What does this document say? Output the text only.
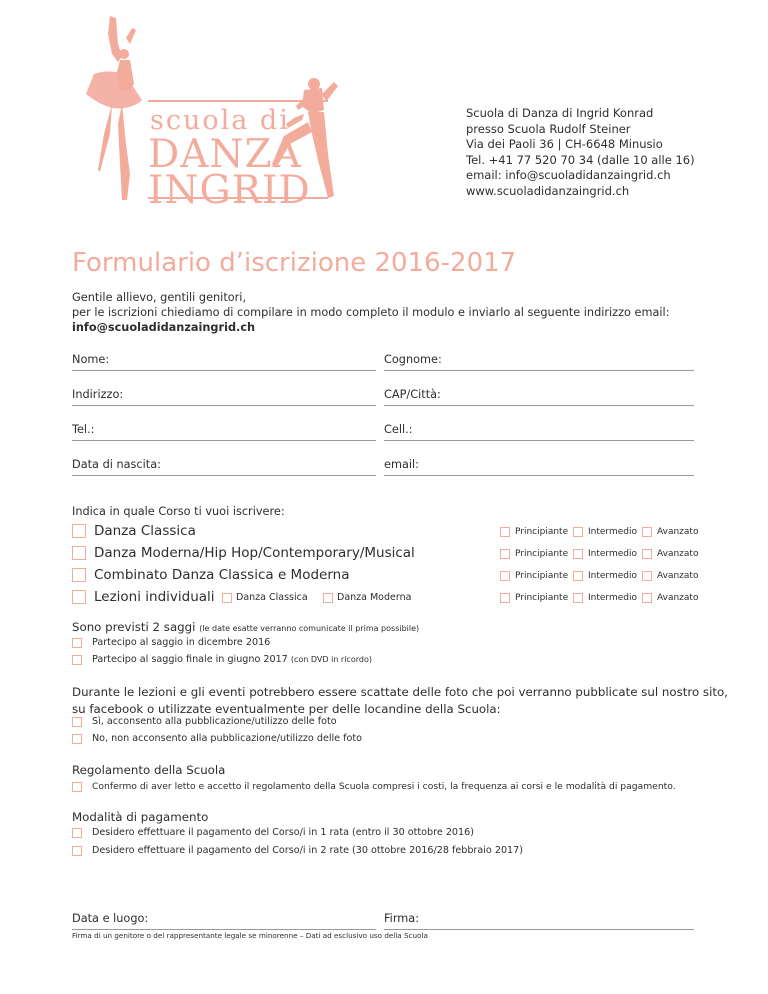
scuola di
DANZA
INGRID
Scuola di Danza di Ingrid Konrad
presso Scuola Rudolf Steiner
Via dei Paoli 36 | CH-6648 Minusio
Tel. +41 77 520 70 34 (dalle 10 alle 16)
email: info@scuoladidanzaingrid.ch
www.scuoladidanzaingrid.ch
Formulario d’iscrizione 2016-2017
Gentile allievo, gentili genitori,
per le iscrizioni chiediamo di compilare in modo completo il modulo e inviarlo al seguente indirizzo email:
info@scuoladidanzaingrid.ch
Nome:	Cognome:
Indirizzo:	CAP/Città:
Tel.:	Cell.:
Data di nascita:	email:
Indica in quale Corso ti vuoi iscrivere:
Danza Classica	Principiante Intermedio Avanzato
Danza Moderna/Hip Hop/Contemporary/Musical	Principiante Intermedio Avanzato
Combinato Danza Classica e Moderna	Principiante Intermedio Avanzato
Lezioni individuali Danza Classica	Danza Moderna	Principiante Intermedio Avanzato
Sono previsti 2 saggi (le date esatte verranno comunicate il prima possibile)
Partecipo al saggio in dicembre 2016
Partecipo al saggio finale in giugno 2017
(con DVD in ricordo)
Durante le lezioni e gli eventi potrebbero essere scattate delle foto che poi verranno pubblicate sul nostro sito,
su facebook o utilizzate eventualmente per delle locandine della Scuola:
Sì, acconsento alla pubblicazione/utilizzo delle foto
No, non acconsento alla pubblicazione/utilizzo delle foto
Regolamento della Scuola
Confermo di aver letto e accetto il regolamento della Scuola compresi i costi, la frequenza ai corsi e le modalità di pagamento.
Modalità di pagamento
Desidero effettuare il pagamento del Corso/i in 1 rata (entro il 30 ottobre 2016)
Desidero effettuare il pagamento del Corso/i in 2 rate (30 ottobre 2016/28 febbraio 2017)
Data e luogo:	Firma:
Firma di un genitore o del rappresentante legale se minorenne – Dati ad esclusivo uso della Scuola
